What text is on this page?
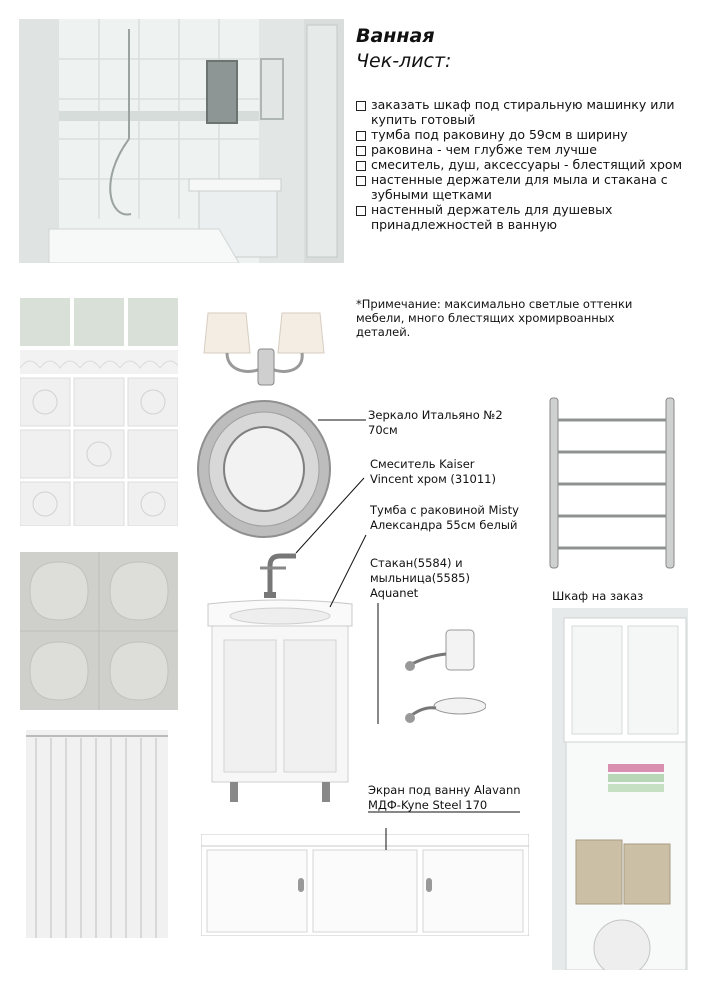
Ванная
Чек-лист:
заказать шкаф под стиральную машинку или купить готовый
тумба под раковину до 59см в ширину
раковина - чем глубже тем лучше
смеситель, душ, аксессуары - блестящий хром
настенные держатели для мыла и стакана с зубными щетками
настенный держатель для душевых принадлежностей в ванную
*Примечание: максимально светлые оттенки мебели, много блестящих хромирвоанных деталей.
Зеркало Итальяно №2
70см
Смеситель Kaiser
Vincent хром (31011)
Тумба с раковиной Misty
Александра 55см белый
Стакан(5584) и
мыльница(5585)
Aquanet	Шкаф на заказ
Экран под ванну Alavann
МДФ-Kyne Steel 170
